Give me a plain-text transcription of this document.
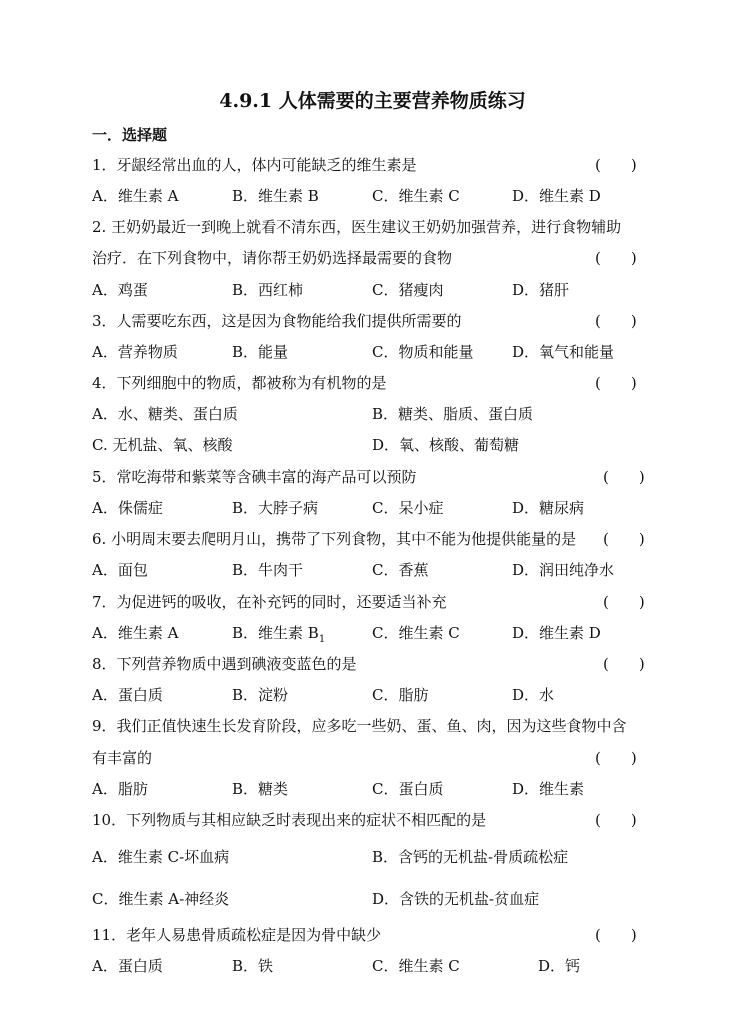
4.9.1 人体需要的主要营养物质练习
一．选择题
1．牙龈经常出血的人，体内可能缺乏的维生素是	(　　)
A．维生素 A	B．维生素 B	C．维生素 C	D．维生素 D
2. 王奶奶最近一到晚上就看不清东西，医生建议王奶奶加强营养，进行食物辅助
治疗．在下列食物中，请你帮王奶奶选择最需要的食物	(　　)
A．鸡蛋	B．西红柿	C．猪瘦肉	D．猪肝
3．人需要吃东西，这是因为食物能给我们提供所需要的	(　　)
A．营养物质	B．能量	C．物质和能量	D．氧气和能量
4．下列细胞中的物质，都被称为有机物的是	(　　)
A．水、糖类、蛋白质	B．糖类、脂质、蛋白质
C. 无机盐、氧、核酸	D．氧、核酸、葡萄糖
5．常吃海带和紫菜等含碘丰富的海产品可以预防	(　　)
A．侏儒症	B．大脖子病	C．呆小症	D．糖尿病
6. 小明周末要去爬明月山，携带了下列食物，其中不能为他提供能量的是 (　　)
A．面包	B．牛肉干	C．香蕉	D．润田纯净水
7．为促进钙的吸收，在补充钙的同时，还要适当补充	(　　)
A．维生素 A	B．维生素 $B_1$	C．维生素 C	D．维生素 D
8．下列营养物质中遇到碘液变蓝色的是	(　　)
A．蛋白质	B．淀粉	C．脂肪	D．水
9．我们正值快速生长发育阶段，应多吃一些奶、蛋、鱼、肉，因为这些食物中含
有丰富的	(　　)
A．脂肪	B．糖类	C．蛋白质	D．维生素
10．下列物质与其相应缺乏时表现出来的症状不相匹配的是	(　　)
A．维生素 C-坏血病	B．含钙的无机盐-骨质疏松症
C．维生素 A-神经炎	D．含铁的无机盐-贫血症
11．老年人易患骨质疏松症是因为骨中缺少	(　　)
A．蛋白质	B．铁	C．维生素 C	D．钙
